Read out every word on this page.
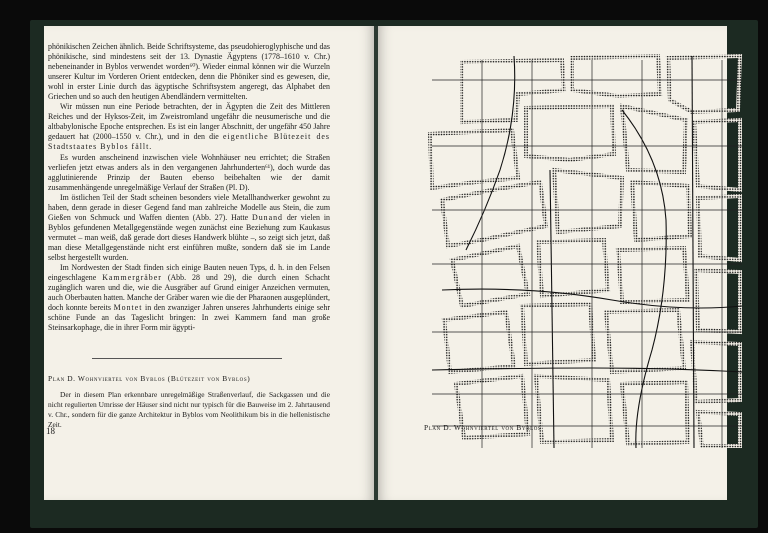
phönikischen Zeichen ähnlich. Beide Schriftsysteme, das pseudohieroglyphische und das phönikische, sind mindestens seit der 13. Dynastie Ägyptens (1778–1610 v. Chr.) nebeneinander in Byblos verwendet worden⁶⁰). Wieder einmal können wir die Wurzeln unserer Kultur im Vorderen Orient entdecken, denn die Phöniker sind es gewesen, die, wohl in erster Linie durch das ägyptische Schriftsystem angeregt, das Alphabet den Griechen und so auch den heutigen Abendländern vermittelten.

Wir müssen nun eine Periode betrachten, der in Ägypten die Zeit des Mittleren Reiches und der Hyksos-Zeit, im Zweistromland ungefähr die neusumerische und die altbabylonische Epoche entsprechen. Es ist ein langer Abschnitt, der ungefähr 450 Jahre gedauert hat (2000–1550 v. Chr.), und in den die eigentliche Blütezeit des Stadtstaates Byblos fällt.

Es wurden anscheinend inzwischen viele Wohnhäuser neu errichtet; die Straßen verliefen jetzt etwas anders als in den vergangenen Jahrhunderten⁶¹), doch wurde das agglutinierende Prinzip der Bauten ebenso beibehalten wie der damit zusammenhängende unregelmäßige Verlauf der Straßen (Pl. D).

Im östlichen Teil der Stadt scheinen besonders viele Metallhandwerker gewohnt zu haben, denn gerade in dieser Gegend fand man zahlreiche Modelle aus Stein, die zum Gießen von Schmuck und Waffen dienten (Abb. 27). Hatte Dunand der vielen in Byblos gefundenen Metallgegenstände wegen zunächst eine Beziehung zum Kaukasus vermutet – man weiß, daß gerade dort dieses Handwerk blühte –, so zeigt sich jetzt, daß man diese Metallgegenstände nicht erst einführen mußte, sondern daß sie im Lande selbst hergestellt wurden.

Im Nordwesten der Stadt finden sich einige Bauten neuen Typs, d. h. in den Felsen eingeschlagene Kammergräber (Abb. 28 und 29), die durch einen Schacht zugänglich waren und die, wie die Ausgräber auf Grund einiger Anzeichen vermuten, auch Oberbauten hatten. Manche der Gräber waren wie die der Pharaonen ausgeplündert, doch konnte bereits Montet in den zwanziger Jahren unseres Jahrhunderts einige sehr schöne Funde an das Tageslicht bringen: In zwei Kammern fand man große Steinsarkophage, die in ihrer Form mir ägypti-

Plan D. Wohnviertel von Byblos (Blütezeit von Byblos)

Der in diesem Plan erkennbare unregelmäßige Straßenverlauf, die Sackgassen und die nicht regulierten Umrisse der Häuser sind nicht nur typisch für die Bauweise im 2. Jahrtausend v. Chr., sondern für die ganze Architektur in Byblos vom Neolithikum bis in die hellenistische Zeit.

18	Plan D. Wohnviertel von Byblos
